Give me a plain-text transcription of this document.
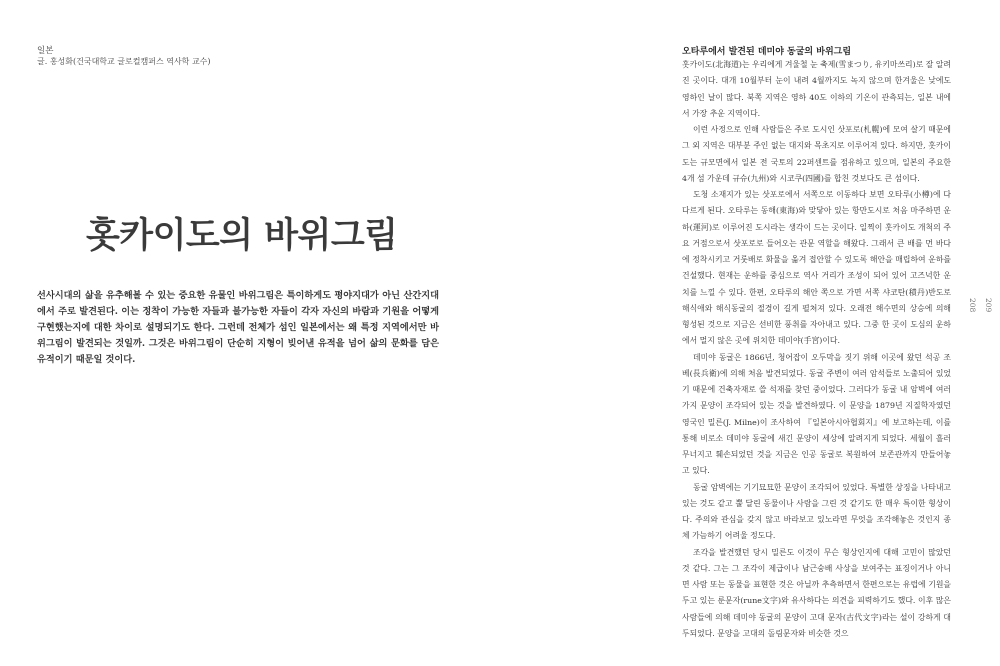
일본
글. 홍성화(건국대학교 글로컬캠퍼스 역사학 교수)
홋카이도의 바위그림

선사시대의 삶을 유추해볼 수 있는 중요한 유물인 바위그림은 특이하게도 평야지대가 아닌 산간지대에서 주로 발견된다. 이는 정착이 가능한 자들과 불가능한 자들이 각자 자신의 바람과 기원을 어떻게 구현했는지에 대한 차이로 설명되기도 한다. 그런데 전체가 섬인 일본에서는 왜 특정 지역에서만 바위그림이 발견되는 것일까. 그것은 바위그림이 단순히 지형이 빚어낸 유적을 넘어 삶의 문화를 담은 유적이기 때문일 것이다.

오타루에서 발견된 데미야 동굴의 바위그림

홋카이도(北海道)는 우리에게 겨울철 눈 축제(雪まつり, 유키마쓰리)로 잘 알려진 곳이다. 대개 10월부터 눈이 내려 4월까지도 녹지 않으며 한겨울은 낮에도 영하인 날이 많다. 북쪽 지역은 영하 40도 이하의 기온이 관측되는, 일본 내에서 가장 추운 지역이다.

이런 사정으로 인해 사람들은 주로 도시인 삿포로(札幌)에 모여 살기 때문에 그 외 지역은 대부분 주인 없는 대지와 목초지로 이루어져 있다. 하지만, 홋카이도는 규모면에서 일본 전 국토의 22퍼센트를 점유하고 있으며, 일본의 주요한 4개 섬 가운데 규슈(九州)와 시코쿠(四國)를 합친 것보다도 큰 섬이다.

도청 소재지가 있는 삿포로에서 서쪽으로 이동하다 보면 오타루(小樽)에 다다르게 된다. 오타루는 동해(東海)와 맞닿아 있는 항만도시로 처음 마주하면 운하(運河)로 이루어진 도시라는 생각이 드는 곳이다. 일찍이 홋카이도 개척의 주요 거점으로서 삿포로로 들어오는 관문 역할을 해왔다. 그래서 큰 배를 먼 바다에 정착시키고 거룻배로 화물을 옮겨 접안할 수 있도록 해안을 매립하여 운하를 건설했다. 현재는 운하를 중심으로 역사 거리가 조성이 되어 있어 고즈넉한 운치를 느낄 수 있다. 한편, 오타루의 해안 쪽으로 가면 서쪽 샤코탄(積丹)반도로 해식애와 해식동굴의 절경이 길게 펼쳐져 있다. 오래전 해수면의 상승에 의해 형성된 것으로 지금은 선비한 풍취를 자아내고 있다. 그중 한 곳이 도심의 운하에서 멀지 않은 곳에 위치한 데미야(手宮)이다.

데미야 동굴은 1866년, 청어잡이 오두막을 짓기 위해 이곳에 왔던 석공 조베(長兵衛)에 의해 처음 발견되었다. 동굴 주변이 여러 암석들로 노출되어 있었기 때문에 건축자재로 쓸 석재를 찾던 중이었다. 그러다가 동굴 내 암벽에 여러 가지 문양이 조각되어 있는 것을 발견하였다. 이 문양을 1879년 지질학자였던 영국인 밀른(J. Milne)이 조사하여 『일본아시아협회지』에 보고하는데, 이를 통해 비로소 데미야 동굴에 새긴 문양이 세상에 알려지게 되었다. 세월이 흘러 무너지고 훼손되었던 것을 지금은 인공 동굴로 복원하여 보존관까지 만들어놓고 있다.

동굴 암벽에는 기기묘묘한 문양이 조각되어 있었다. 특별한 상징을 나타내고 있는 것도 같고 뿔 달린 동물이나 사람을 그린 것 같기도 한 매우 특이한 형상이다. 주의와 관심을 갖지 않고 바라보고 있노라면 무엇을 조각해놓은 것인지 종체 가늠하기 어려울 정도다.

조각을 발견했던 당시 밀른도 이것이 무슨 형상인지에 대해 고민이 많았던 것 같다. 그는 그 조각이 제급이나 남근숭배 사상을 보여주는 표징이거나 아니면 사람 또는 동물을 표현한 것은 아닐까 추측하면서 한편으로는 유럽에 기원을 두고 있는 룬문자(rune文字)와 유사하다는 의견을 피력하기도 했다. 이후 많은 사람들에 의해 데미야 동굴의 문양이 고대 문자(古代文字)라는 설이 강하게 대두되었다. 문양을 고대의 돌림문자와 비슷한 것으

208 209
